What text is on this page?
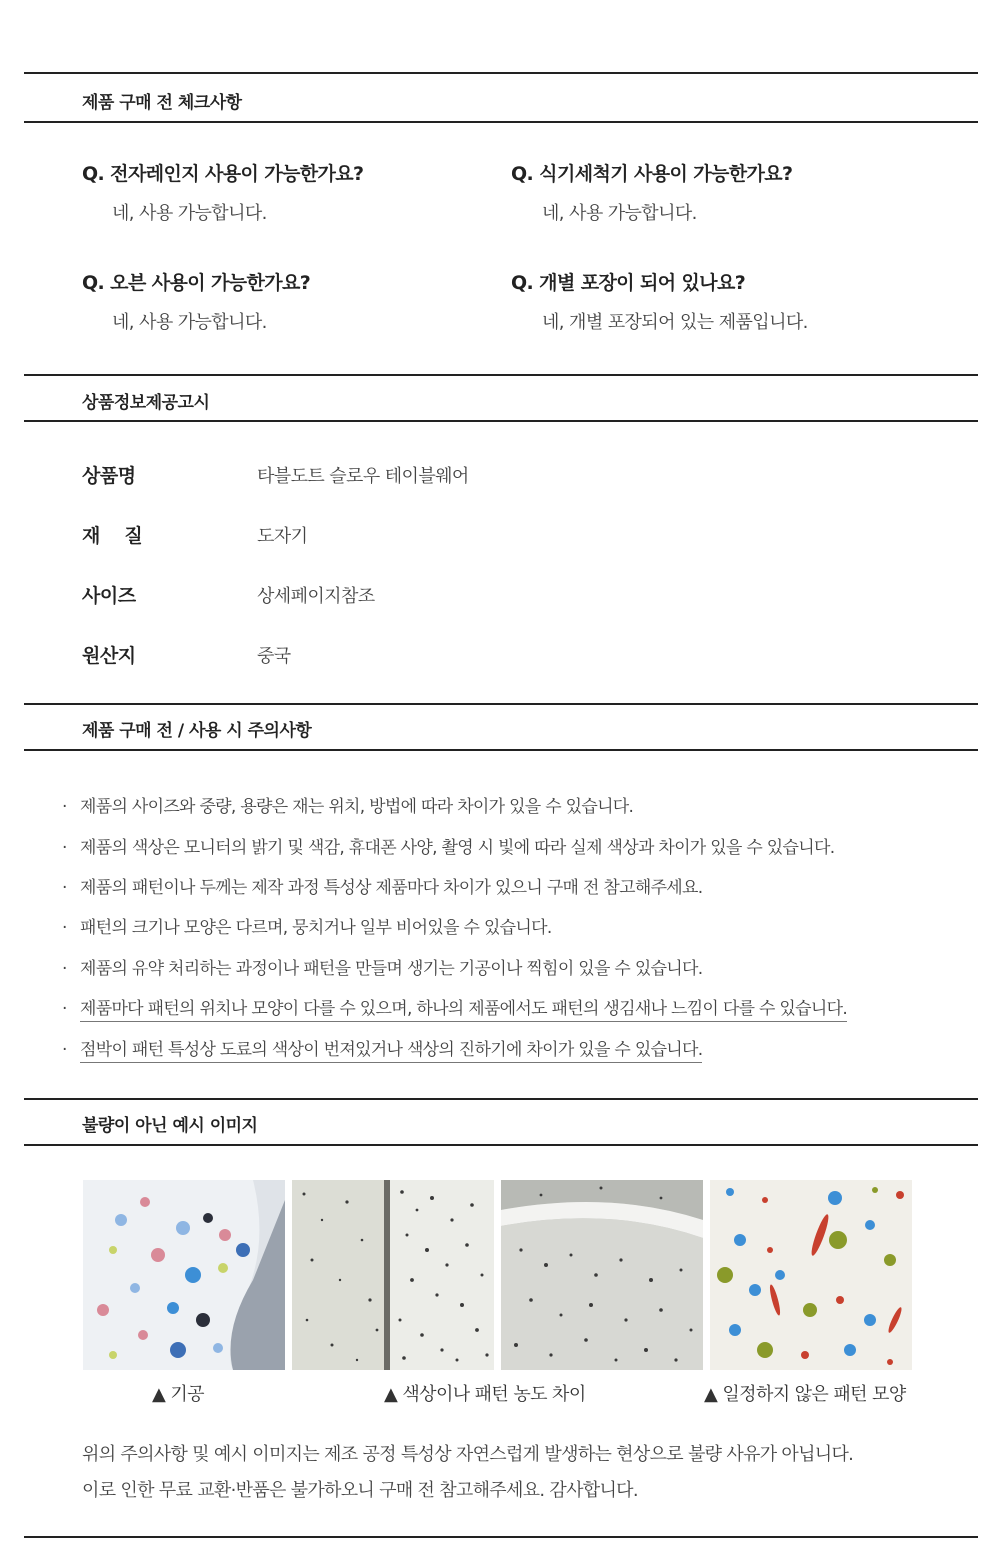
제품 구매 전 체크사항
Q. 전자레인지 사용이 가능한가요?
네, 사용 가능합니다.
Q. 식기세척기 사용이 가능한가요?
네, 사용 가능합니다.
Q. 오븐 사용이 가능한가요?
네, 사용 가능합니다.
Q. 개별 포장이 되어 있나요?
네, 개별 포장되어 있는 제품입니다.
상품정보제공고시
상품명	타블도트 슬로우 테이블웨어
재    질	도자기
사이즈	상세페이지참조
원산지	중국
제품 구매 전 / 사용 시 주의사항
· 제품의 사이즈와 중량, 용량은 재는 위치, 방법에 따라 차이가 있을 수 있습니다.
· 제품의 색상은 모니터의 밝기 및 색감, 휴대폰 사양, 촬영 시 빛에 따라 실제 색상과 차이가 있을 수 있습니다.
· 제품의 패턴이나 두께는 제작 과정 특성상 제품마다 차이가 있으니 구매 전 참고해주세요.
· 패턴의 크기나 모양은 다르며, 뭉치거나 일부 비어있을 수 있습니다.
· 제품의 유약 처리하는 과정이나 패턴을 만들며 생기는 기공이나 찍힘이 있을 수 있습니다.
· 제품마다 패턴의 위치나 모양이 다를 수 있으며, 하나의 제품에서도 패턴의 생김새나 느낌이 다를 수 있습니다.
· 점박이 패턴 특성상 도료의 색상이 번져있거나 색상의 진하기에 차이가 있을 수 있습니다.
불량이 아닌 예시 이미지
▲ 기공	▲ 색상이나 패턴 농도 차이	▲ 일정하지 않은 패턴 모양
위의 주의사항 및 예시 이미지는 제조 공정 특성상 자연스럽게 발생하는 현상으로 불량 사유가 아닙니다.
이로 인한 무료 교환·반품은 불가하오니 구매 전 참고해주세요. 감사합니다.
